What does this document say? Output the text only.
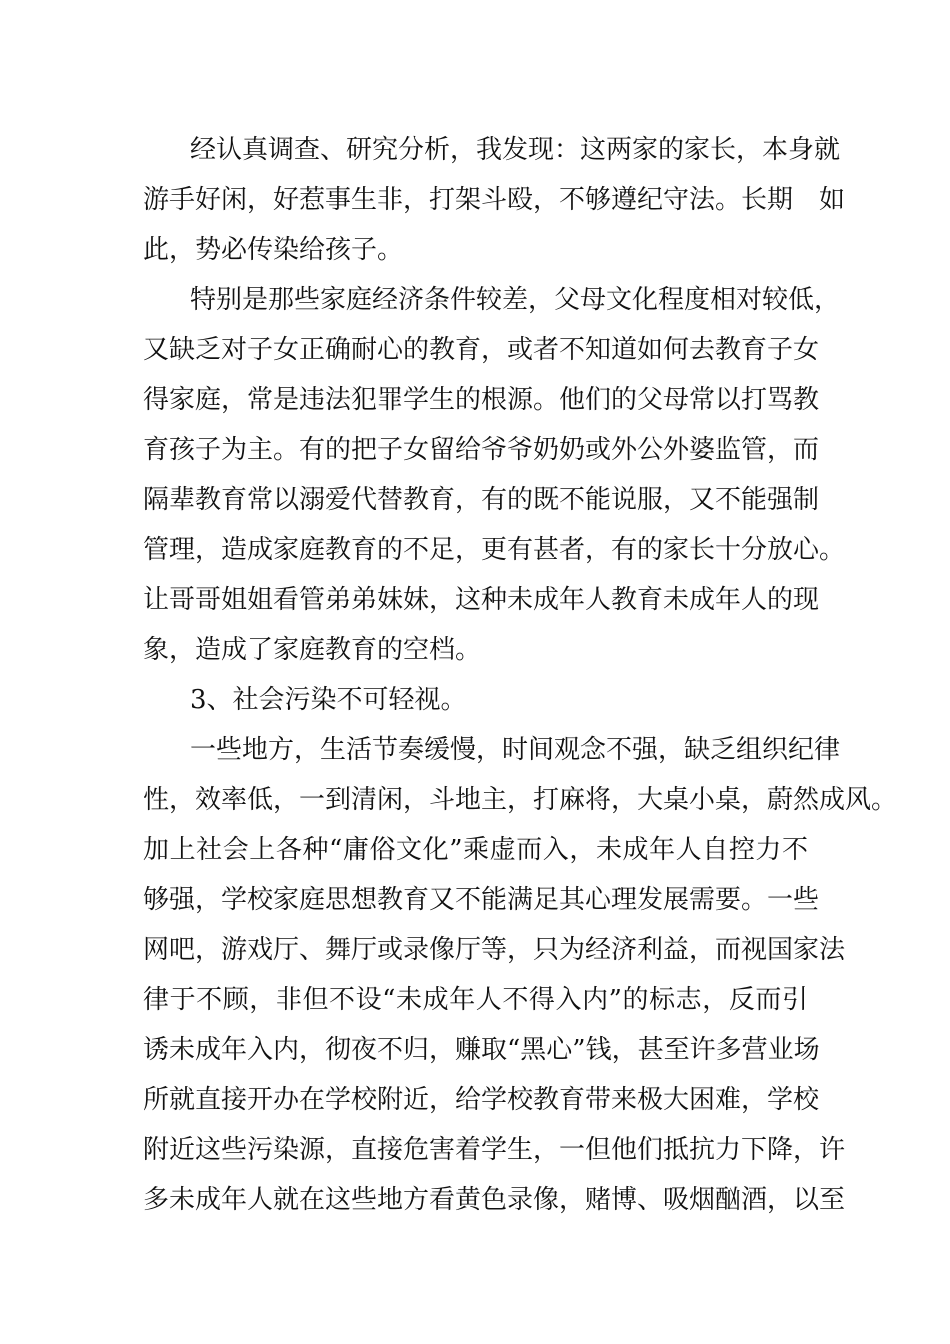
经认真调查、研究分析，我发现：这两家的家长，本身就
游手好闲，好惹事生非，打架斗殴，不够遵纪守法。长期　如
此，势必传染给孩子。
特别是那些家庭经济条件较差，父母文化程度相对较低，
又缺乏对子女正确耐心的教育，或者不知道如何去教育子女
得家庭，常是违法犯罪学生的根源。他们的父母常以打骂教
育孩子为主。有的把子女留给爷爷奶奶或外公外婆监管，而
隔辈教育常以溺爱代替教育，有的既不能说服，又不能强制
管理，造成家庭教育的不足，更有甚者，有的家长十分放心。
让哥哥姐姐看管弟弟妹妹，这种未成年人教育未成年人的现
象，造成了家庭教育的空档。
3、社会污染不可轻视。
一些地方，生活节奏缓慢，时间观念不强，缺乏组织纪律
性，效率低，一到清闲，斗地主，打麻将，大桌小桌，蔚然成风。
加上社会上各种“庸俗文化”乘虚而入，未成年人自控力不
够强，学校家庭思想教育又不能满足其心理发展需要。一些
网吧，游戏厅、舞厅或录像厅等，只为经济利益，而视国家法
律于不顾，非但不设“未成年人不得入内”的标志，反而引
诱未成年入内，彻夜不归，赚取“黑心”钱，甚至许多营业场
所就直接开办在学校附近，给学校教育带来极大困难，学校
附近这些污染源，直接危害着学生，一但他们抵抗力下降，许
多未成年人就在这些地方看黄色录像，赌博、吸烟酗酒，以至
